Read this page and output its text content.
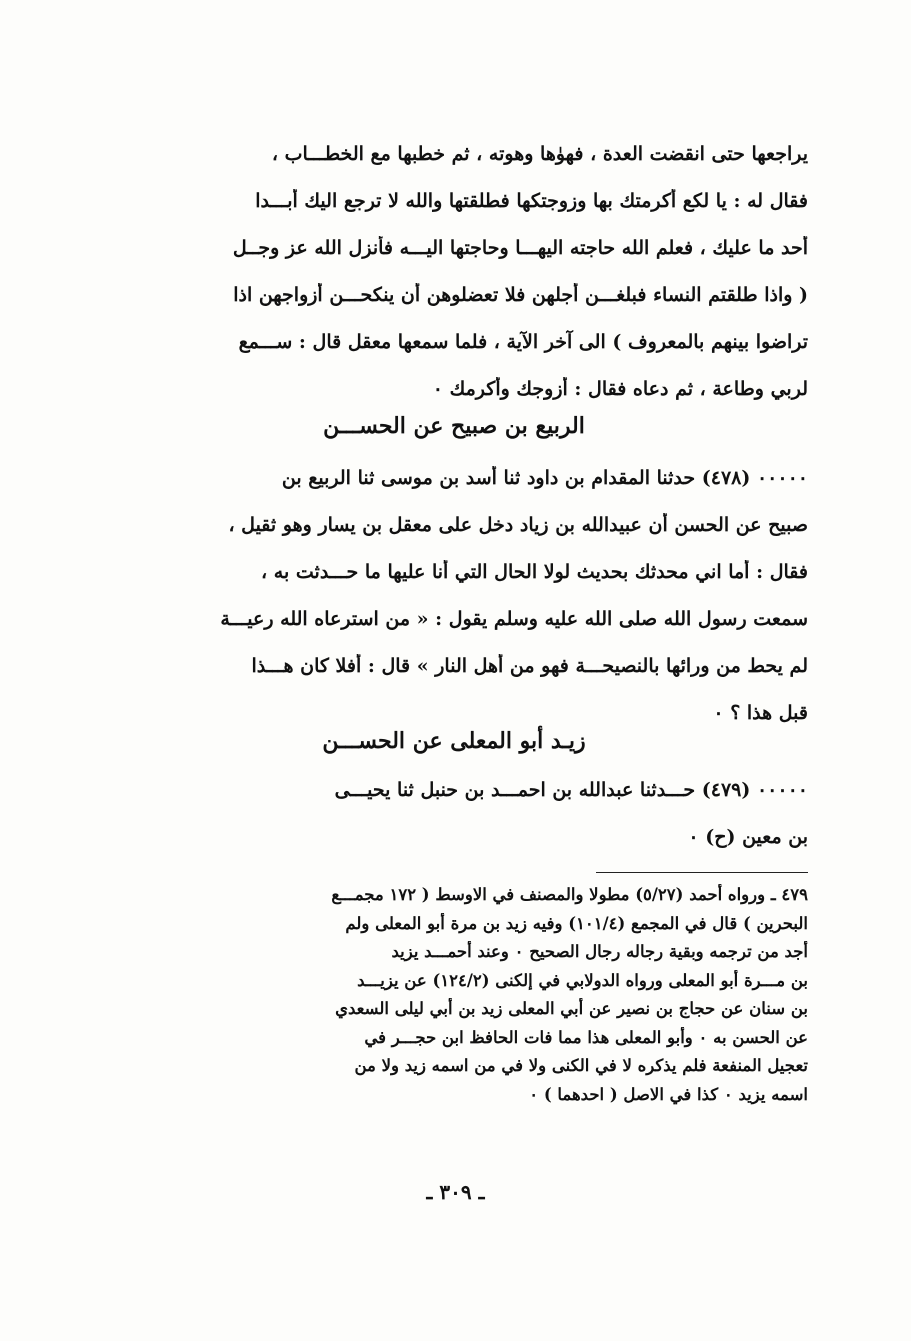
يراجعها حتى انقضت العدة ، فهوٰها وهوته ، ثم خطبها مع الخطـــاب ،
فقال له : يا لكع أكرمتك بها وزوجتكها فطلقتها والله لا ترجع اليك أبـــدا
أحد ما عليك ، فعلم الله حاجته اليهـــا وحاجتها اليـــه فأنزل الله عز وجــل
( واذا طلقتم النساء فبلغـــن أجلهن فلا تعضلوهن أن ينكحـــن أزواجهن اذا
تراضوا بينهم بالمعروف ) الى آخر الآية ، فلما سمعها معقل قال : ســـمع
لربي وطاعة ، ثم دعاه فقال : أزوجك وأكرمك ٠
الربيع بن صبيح عن الحســـن
٠٠٠٠٠ (٤٧٨) حدثنا المقدام بن داود ثنا أسد بن موسى ثنا الربيع بن
صبيح عن الحسن أن عبيدالله بن زياد دخل على معقل بن يسار وهو ثقيل ،
فقال : أما اني محدثك بحديث لولا الحال التي أنا عليها ما حـــدثت به ،
سمعت رسول الله صلى الله عليه وسلم يقول : « من استرعاه الله رعيـــة
لم يحط من ورائها بالنصيحـــة فهو من أهل النار » قال : أفلا كان هـــذا
قبل هذا ؟ ٠
زيـد أبو المعلى عن الحســـن
٠٠٠٠٠ (٤٧٩) حـــدثنا عبدالله بن احمـــد بن حنبل ثنا يحيـــى
بن معين (ح) ٠
٤٧٩ ـ ورواه أحمد (٥/٢٧) مطولا والمصنف في الاوسط ( ١٧٢ مجمـــع
البحرين ) قال في المجمع (١٠١/٤) وفيه زيد بن مرة أبو المعلى ولم
أجد من ترجمه وبقية رجاله رجال الصحيح ٠ وعند أحمـــد يزيد
بن مـــرة أبو المعلى ورواه الدولابي في إلكنى (١٢٤/٢) عن يزيـــد
بن سنان عن حجاج بن نصير عن أبي المعلى زيد بن أبي ليلى السعدي
عن الحسن به ٠ وأبو المعلى هذا مما فات الحافظ ابن حجـــر في
تعجيل المنفعة فلم يذكره لا في الكنى ولا في من اسمه زيد ولا من
اسمه يزيد ٠ كذا في الاصل ( احدهما ) ٠
ـ ٣٠٩ ـ
